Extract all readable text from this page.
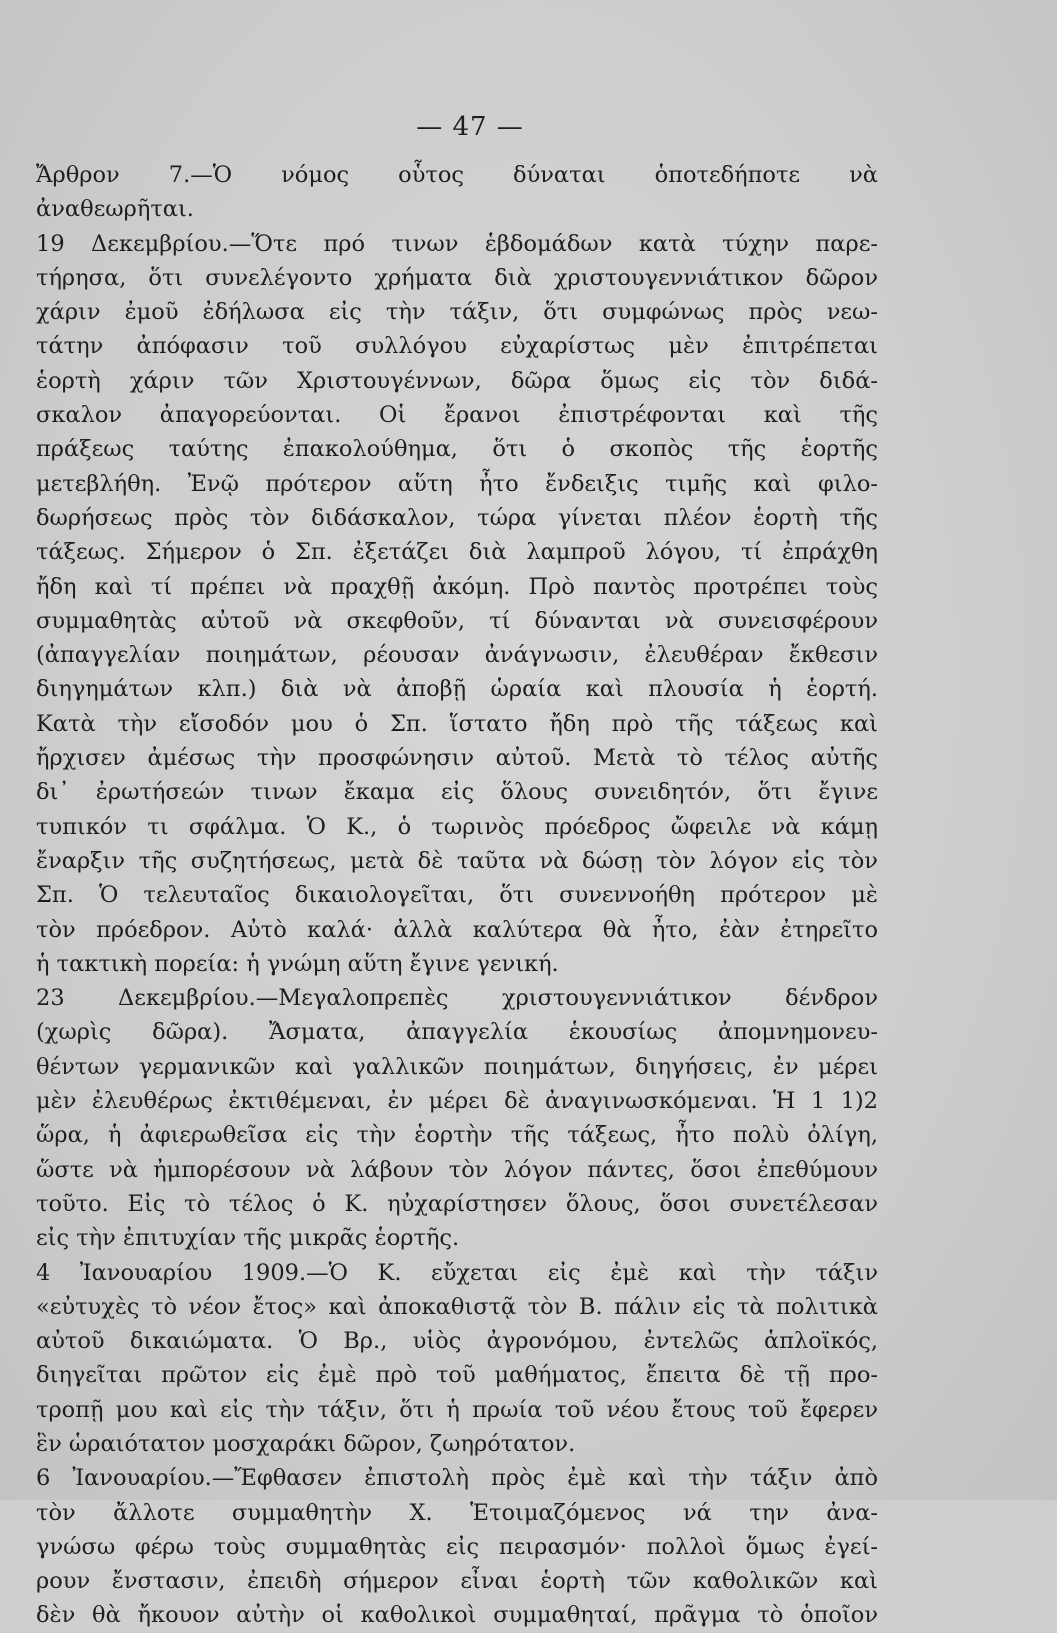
— 47 —
Ἄρθρον 7.—Ὁ νόμος οὗτος δύναται ὁποτεδήποτε νὰ
ἀναθεωρῆται.
19 Δεκεμβρίου.—Ὅτε πρό τινων ἑβδομάδων κατὰ τύχην παρε-
τήρησα, ὅτι συνελέγοντο χρήματα διὰ χριστουγεννιάτικον δῶρον
χάριν ἐμοῦ ἐδήλωσα εἰς τὴν τάξιν, ὅτι συμφώνως πρὸς νεω-
τάτην ἀπόφασιν τοῦ συλλόγου εὐχαρίστως μὲν ἐπιτρέπεται
ἑορτὴ χάριν τῶν Χριστουγέννων, δῶρα ὅμως εἰς τὸν διδά-
σκαλον ἀπαγορεύονται. Οἱ ἔρανοι ἐπιστρέφονται καὶ τῆς
πράξεως ταύτης ἐπακολούθημα, ὅτι ὁ σκοπὸς τῆς ἑορτῆς
μετεβλήθη. Ἐνῷ πρότερον αὕτη ἦτο ἔνδειξις τιμῆς καὶ φιλο-
δωρήσεως πρὸς τὸν διδάσκαλον, τώρα γίνεται πλέον ἑορτὴ τῆς
τάξεως. Σήμερον ὁ Σπ. ἐξετάζει διὰ λαμπροῦ λόγου, τί ἐπράχθη
ἤδη καὶ τί πρέπει νὰ πραχθῇ ἀκόμη. Πρὸ παντὸς προτρέπει τοὺς
συμμαθητὰς αὐτοῦ νὰ σκεφθοῦν, τί δύνανται νὰ συνεισφέρουν
(ἀπαγγελίαν ποιημάτων, ρέουσαν ἀνάγνωσιν, ἐλευθέραν ἔκθεσιν
διηγημάτων κλπ.) διὰ νὰ ἀποβῇ ὡραία καὶ πλουσία ἡ ἑορτή.
Κατὰ τὴν εἴσοδόν μου ὁ Σπ. ἵστατο ἤδη πρὸ τῆς τάξεως καὶ
ἤρχισεν ἀμέσως τὴν προσφώνησιν αὐτοῦ. Μετὰ τὸ τέλος αὐτῆς
δι᾽ ἐρωτήσεών τινων ἔκαμα εἰς ὅλους συνειδητόν, ὅτι ἔγινε
τυπικόν τι σφάλμα. Ὁ Κ., ὁ τωρινὸς πρόεδρος ὤφειλε νὰ κάμῃ
ἔναρξιν τῆς συζητήσεως, μετὰ δὲ ταῦτα νὰ δώσῃ τὸν λόγον εἰς τὸν
Σπ. Ὁ τελευταῖος δικαιολογεῖται, ὅτι συνεννοήθη πρότερον μὲ
τὸν πρόεδρον. Αὐτὸ καλά· ἀλλὰ καλύτερα θὰ ἦτο, ἐὰν ἐτηρεῖτο
ἡ τακτικὴ πορεία: ἡ γνώμη αὕτη ἔγινε γενική.
23 Δεκεμβρίου.—Μεγαλοπρεπὲς χριστουγεννιάτικον δένδρον
(χωρὶς δῶρα). Ἄσματα, ἀπαγγελία ἑκουσίως ἀπομνημονευ-
θέντων γερμανικῶν καὶ γαλλικῶν ποιημάτων, διηγήσεις, ἐν μέρει
μὲν ἐλευθέρως ἐκτιθέμεναι, ἐν μέρει δὲ ἀναγινωσκόμεναι. Ἡ 1 1)2
ὥρα, ἡ ἀφιερωθεῖσα εἰς τὴν ἑορτὴν τῆς τάξεως, ἦτο πολὺ ὀλίγη,
ὥστε νὰ ἠμπορέσουν νὰ λάβουν τὸν λόγον πάντες, ὅσοι ἐπεθύμουν
τοῦτο. Εἰς τὸ τέλος ὁ Κ. ηὐχαρίστησεν ὅλους, ὅσοι συνετέλεσαν
εἰς τὴν ἐπιτυχίαν τῆς μικρᾶς ἑορτῆς.
4 Ἰανουαρίου 1909.—Ὁ Κ. εὔχεται εἰς ἐμὲ καὶ τὴν τάξιν
«εὐτυχὲς τὸ νέον ἔτος» καὶ ἀποκαθιστᾷ τὸν Β. πάλιν εἰς τὰ πολιτικὰ
αὐτοῦ δικαιώματα. Ὁ Βρ., υἱὸς ἀγρονόμου, ἐντελῶς ἁπλοϊκός,
διηγεῖται πρῶτον εἰς ἐμὲ πρὸ τοῦ μαθήματος, ἔπειτα δὲ τῇ προ-
τροπῇ μου καὶ εἰς τὴν τάξιν, ὅτι ἡ πρωία τοῦ νέου ἔτους τοῦ ἔφερεν
ἓν ὡραιότατον μοσχαράκι δῶρον, ζωηρότατον.
6 Ἰανουαρίου.—Ἔφθασεν ἐπιστολὴ πρὸς ἐμὲ καὶ τὴν τάξιν ἀπὸ
τὸν ἄλλοτε συμμαθητὴν Χ. Ἑτοιμαζόμενος νά την ἀνα-
γνώσω φέρω τοὺς συμμαθητὰς εἰς πειρασμόν· πολλοὶ ὅμως ἐγεί-
ρουν ἔνστασιν, ἐπειδὴ σήμερον εἶναι ἑορτὴ τῶν καθολικῶν καὶ
δὲν θὰ ἤκουον αὐτὴν οἱ καθολικοὶ συμμαθηταί, πρᾶγμα τὸ ὁποῖον
